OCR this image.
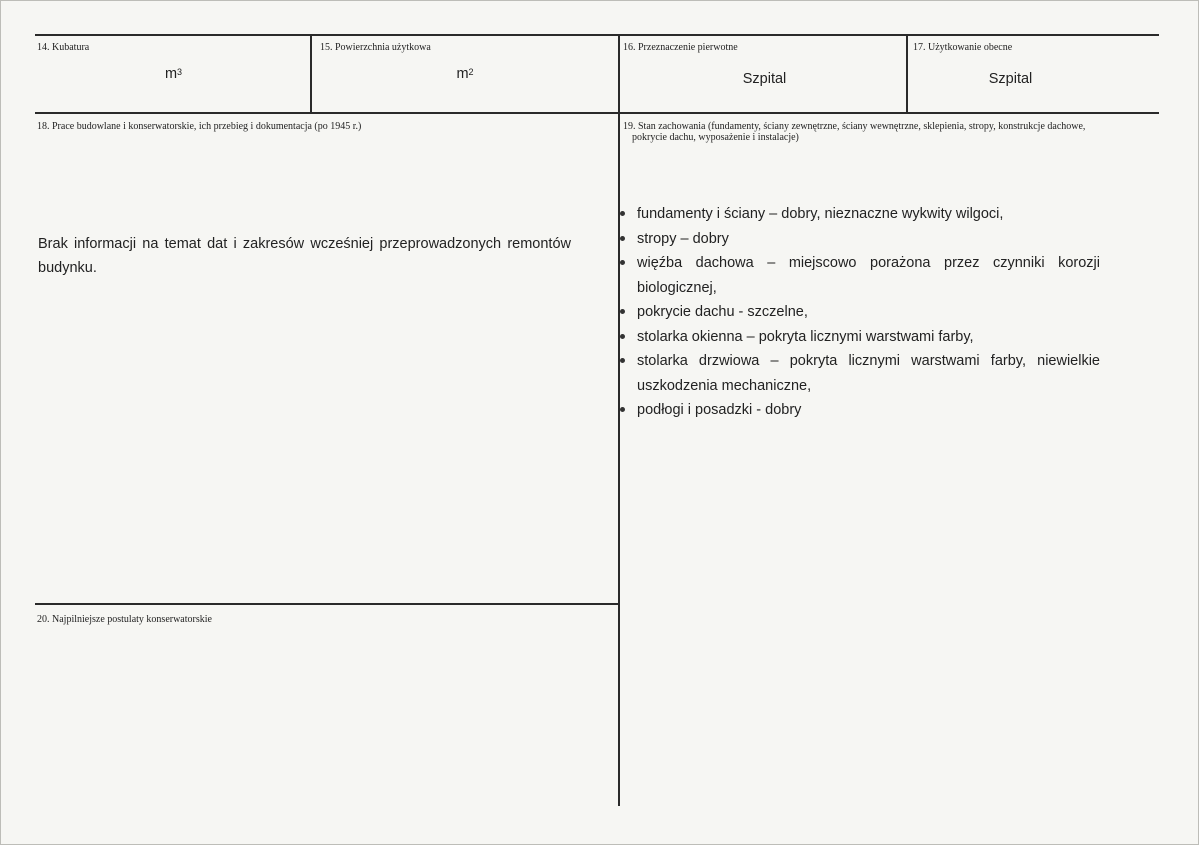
14. Kubatura
$m^3$
15. Powierzchnia użytkowa
$m^2$
16. Przeznaczenie pierwotne
Szpital
17. Użytkowanie obecne
Szpital
18. Prace budowlane i konserwatorskie, ich przebieg i dokumentacja (po 1945 r.)
Brak informacji na temat dat i zakresów wcześniej przeprowadzonych remontów budynku.
19. Stan zachowania (fundamenty, ściany zewnętrzne, ściany wewnętrzne, sklepienia, stropy, konstrukcje dachowe,
pokrycie dachu, wyposażenie i instalacje)
fundamenty i ściany – dobry, nieznaczne wykwity wilgoci,
stropy – dobry
więźba dachowa – miejscowo porażona przez czynniki korozji biologicznej,
pokrycie dachu - szczelne,
stolarka okienna – pokryta licznymi warstwami farby,
stolarka drzwiowa – pokryta licznymi warstwami farby, niewielkie uszkodzenia mechaniczne,
podłogi i posadzki - dobry
20. Najpilniejsze postulaty konserwatorskie
